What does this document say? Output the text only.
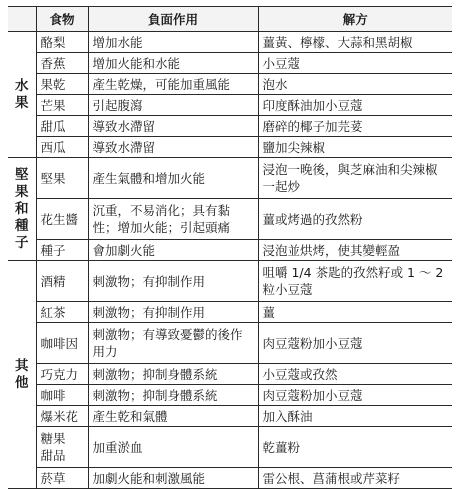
	食物	負面作用	解方

水果	酪梨	增加水能	薑黃、檸檬、大蒜和黑胡椒
	香蕉	增加火能和水能	小豆蔻
	果乾	產生乾燥，可能加重風能	泡水
	芒果	引起腹瀉	印度酥油加小豆蔻
	甜瓜	導致水滯留	磨碎的椰子加芫荽
	西瓜	導致水滯留	鹽加尖辣椒

堅果和種子	堅果	產生氣體和增加火能	浸泡一晚後，與芝麻油和尖辣椒一起炒
	花生醬	沉重，不易消化；具有黏性；增加火能；引起頭痛	薑或烤過的孜然粉
	種子	會加劇火能	浸泡並烘烤，使其變輕盈

其他	酒精	刺激物；有抑制作用	咀嚼 1/4 茶匙的孜然籽或 1 ～ 2 粒小豆蔻
	紅茶	刺激物；有抑制作用	薑
	咖啡因	刺激物；有導致憂鬱的後作用力	肉豆蔻粉加小豆蔻
	巧克力	刺激物；抑制身體系統	小豆蔻或孜然
	咖啡	刺激物；抑制身體系統	肉豆蔻粉加小豆蔻
	爆米花	產生乾和氣體	加入酥油

	糖果甜品	加重淤血	乾薑粉
	菸草	加劇火能和刺激風能	雷公根、菖蒲根或芹菜籽
